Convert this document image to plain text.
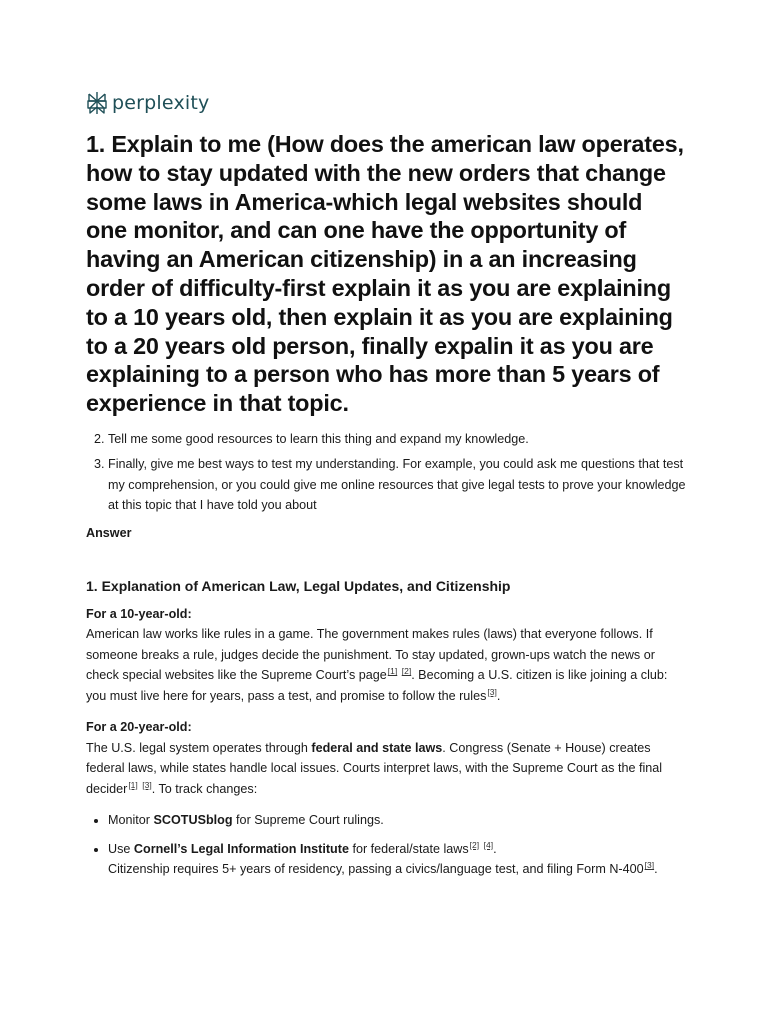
perplexity
1. Explain to me (How does the american law operates, how to stay updated with the new orders that change some laws in America-which legal websites should one monitor, and can one have the opportunity of having an American citizenship) in a an increasing order of difficulty-first explain it as you are explaining to a 10 years old, then explain it as you are explaining to a 20 years old person, finally expalin it as you are explaining to a person who has more than 5 years of experience in that topic.
2. Tell me some good resources to learn this thing and expand my knowledge.
3. Finally, give me best ways to test my understanding. For example, you could ask me questions that test my comprehension, or you could give me online resources that give legal tests to prove your knowledge at this topic that I have told you about
Answer
1. Explanation of American Law, Legal Updates, and Citizenship
For a 10-year-old:

American law works like rules in a game. The government makes rules (laws) that everyone follows. If someone breaks a rule, judges decide the punishment. To stay updated, grown-ups watch the news or check special websites like the Supreme Court’s page[1] [2]. Becoming a U.S. citizen is like joining a club: you must live here for years, pass a test, and promise to follow the rules[3].

For a 20-year-old:

The U.S. legal system operates through federal and state laws. Congress (Senate + House) creates federal laws, while states handle local issues. Courts interpret laws, with the Supreme Court as the final decider[1] [3]. To track changes:

• Monitor SCOTUSblog for Supreme Court rulings.
• Use Cornell’s Legal Information Institute for federal/state laws[2] [4].
Citizenship requires 5+ years of residency, passing a civics/language test, and filing Form N-400[3].
